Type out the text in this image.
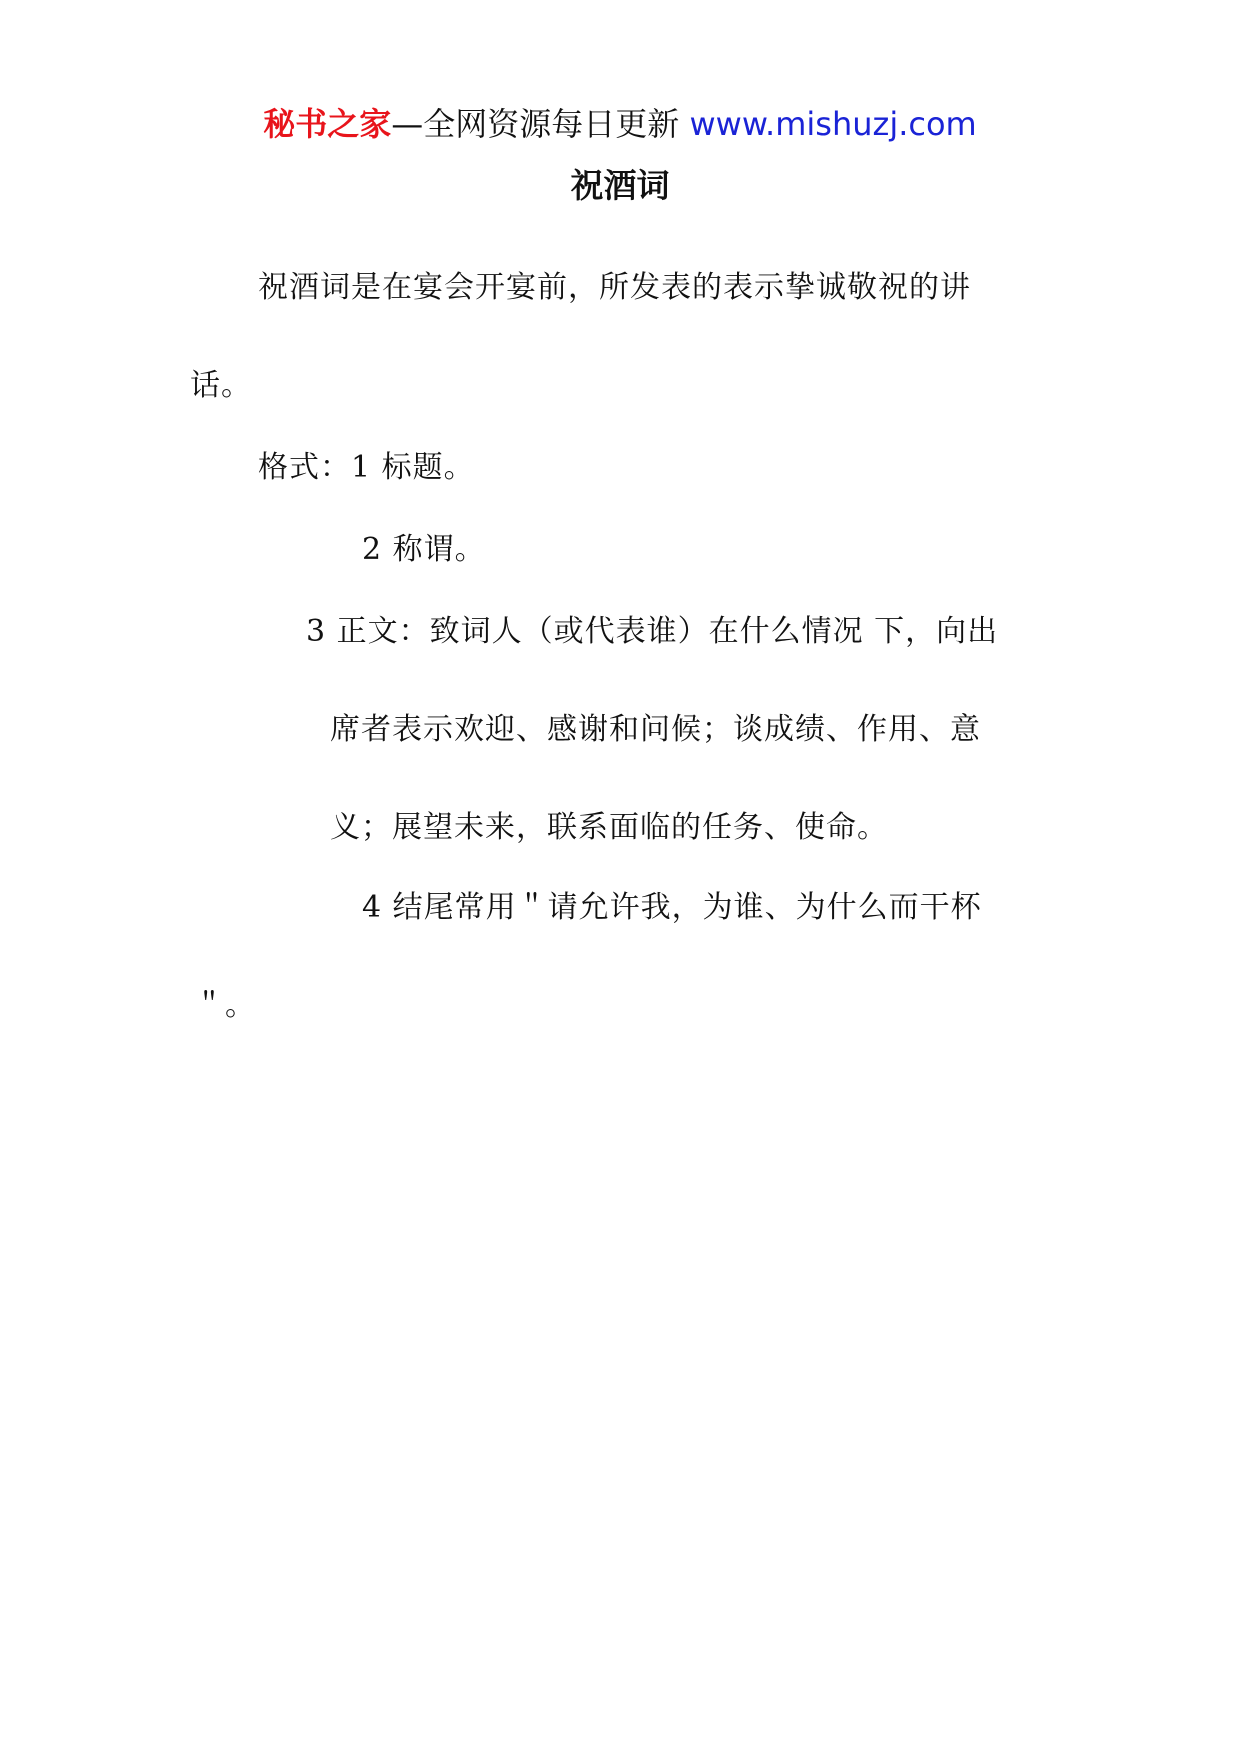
秘书之家—全网资源每日更新 www.mishuzj.com
祝酒词
祝酒词是在宴会开宴前，所发表的表示挚诚敬祝的讲
话。
格式：1 标题。
2 称谓。
3 正文：致词人（或代表谁）在什么情况 下，向出
席者表示欢迎、感谢和问候；谈成绩、作用、意
义；展望未来，联系面临的任务、使命。
4 结尾常用＂请允许我，为谁、为什么而干杯
＂。
